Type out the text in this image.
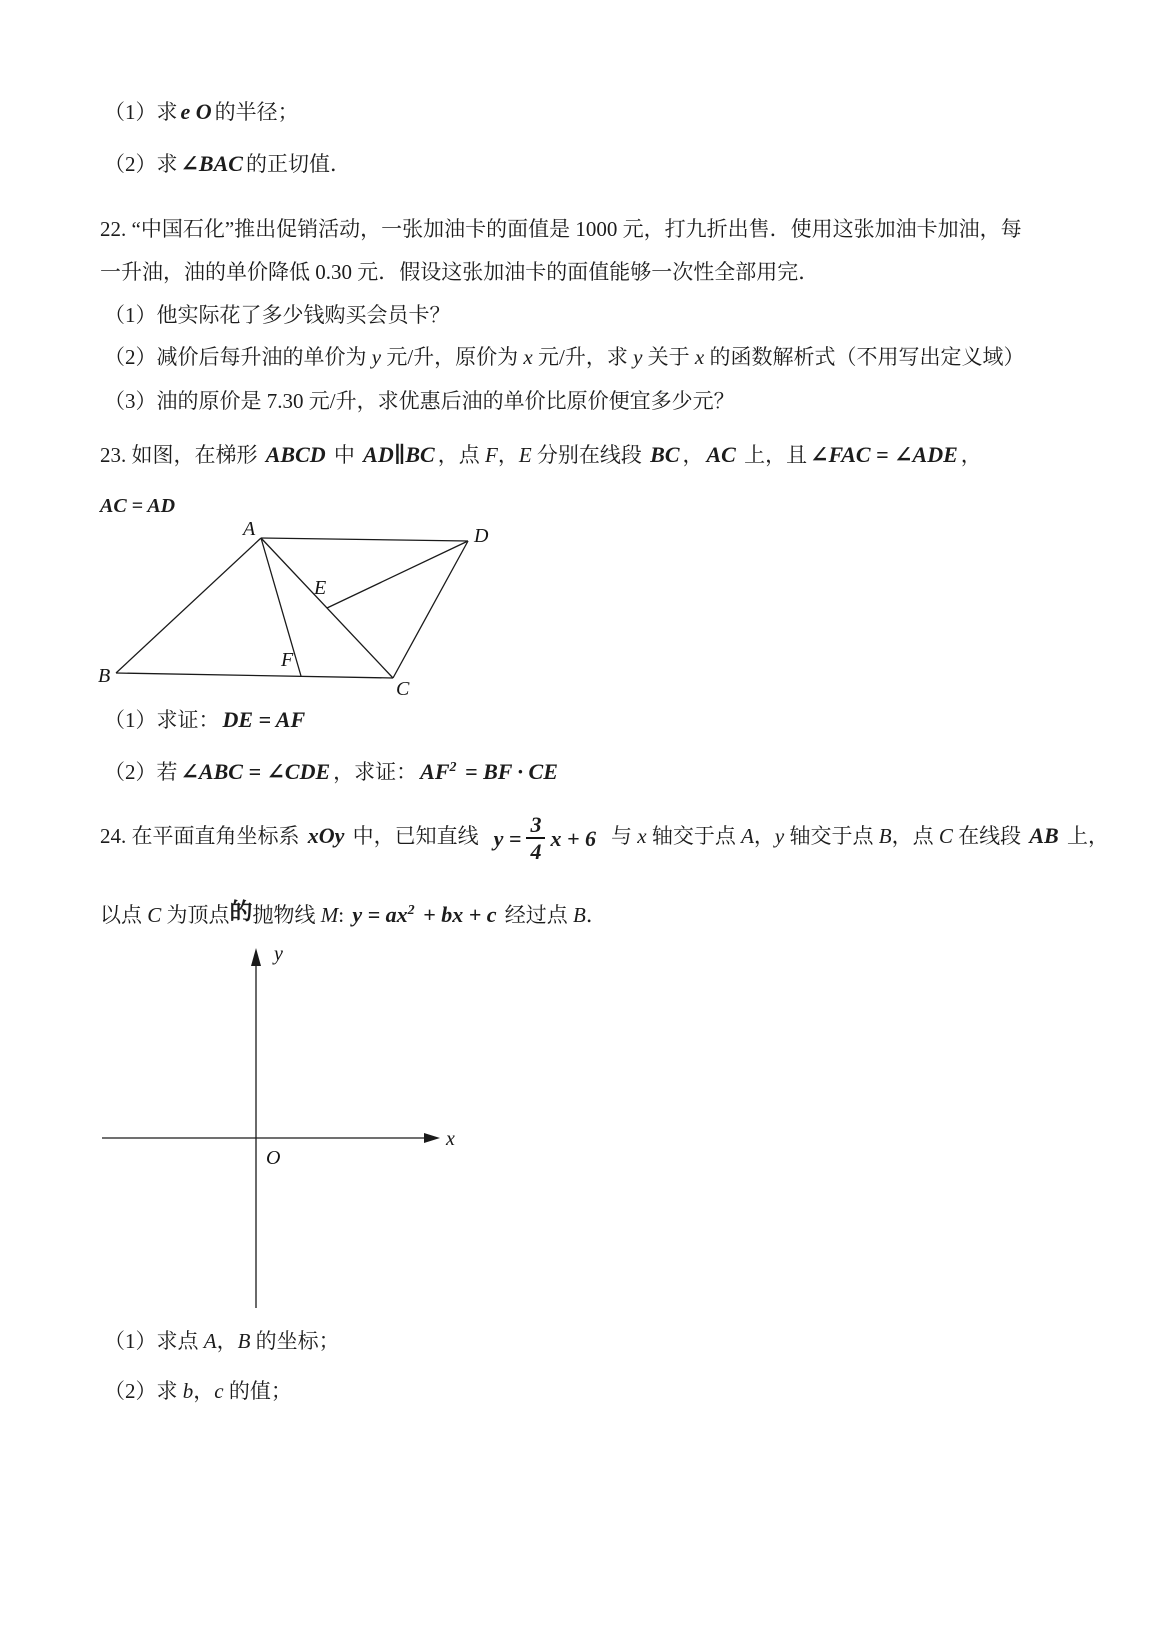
（1）求 e O 的半径；

（2）求 ∠BAC 的正切值．

22. “中国石化”推出促销活动，一张加油卡的面值是 1000 元，打九折出售．使用这张加油卡加油，每

一升油，油的单价降低 0.30 元．假设这张加油卡的面值能够一次性全部用完．

（1）他实际花了多少钱购买会员卡？

（2）减价后每升油的单价为 y 元/升，原价为 x 元/升，求 y 关于 x 的函数解析式（不用写出定义域）

（3）油的原价是 7.30 元/升，求优惠后油的单价比原价便宜多少元？

23. 如图，在梯形 ABCD 中 AD∥BC ，点 F，E 分别在线段 BC ， AC 上，且 ∠FAC = ∠ADE ，

AC = AD

A	D
B
C
E
F

（1）求证： DE = AF

（2）若 ∠ABC = ∠CDE ，求证： $AF^2$ = BF · CE

24. 在平面直角坐标系 xOy 中，已知直线 $y = \frac{3}{4}$ x + 6 与 x 轴交于点 A，y 轴交于点 B，点 C 在线段 AB 上，

以点 C 为顶点的抛物线 M: $y = ax^2$ + bx + c 经过点 B．

y
x
O

（1）求点 A，B 的坐标；

（2）求 b，c 的值；
